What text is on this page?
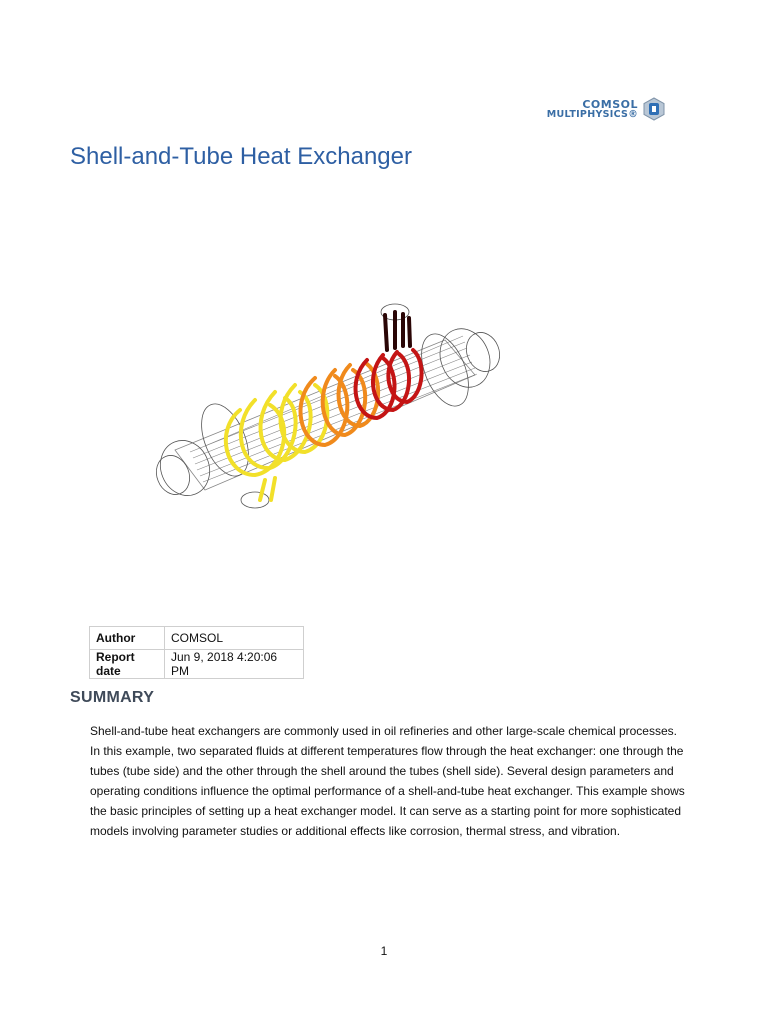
COMSOL
MULTIPHYSICS®
Shell-and-Tube Heat Exchanger
Author	COMSOL
Report date	Jun 9, 2018 4:20:06 PM
SUMMARY
Shell-and-tube heat exchangers are commonly used in oil refineries and other large-scale chemical processes. In this example, two separated fluids at different temperatures flow through the heat exchanger: one through the tubes (tube side) and the other through the shell around the tubes (shell side). Several design parameters and operating conditions influence the optimal performance of a shell-and-tube heat exchanger. This example shows the basic principles of setting up a heat exchanger model. It can serve as a starting point for more sophisticated models involving parameter studies or additional effects like corrosion, thermal stress, and vibration.
1
